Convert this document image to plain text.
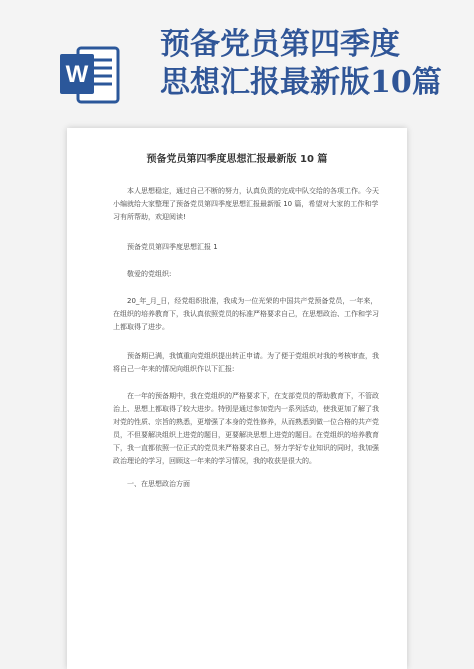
W
预备党员第四季度
思想汇报最新版10篇
预备党员第四季度思想汇报最新版 10 篇
本人思想稳定，通过自己不断的努力，认真负责的完成中队交给的各项工作。今天小编就给大家整理了预备党员第四季度思想汇报最新版 10 篇，希望对大家的工作和学习有所帮助，欢迎阅读!
预备党员第四季度思想汇报 1
敬爱的党组织:
20_年_月_日，经党组织批准，我成为一位光荣的中国共产党预备党员，一年来，在组织的培养教育下，我认真依照党员的标准严格要求自己，在思想政治、工作和学习上都取得了进步。
预备期已满，我慎重向党组织提出转正申请。为了便于党组织对我的考核审查，我将自己一年来的情况向组织作以下汇报:
在一年的预备期中，我在党组织的严格要求下，在支部党员的帮助教育下，不管政治上、思想上都取得了较大进步。特别是通过参加党内一系列活动，使我更加了解了我对党的性质、宗旨的熟悉，更增强了本身的党性修养，从而熟悉到做一位合格的共产党员，不但要解决组织上进党的题目，更要解决思想上进党的题目。在党组织的培养教育下，我一直都依照一位正式的党员来严格要求自己，努力学好专业知识的同时，我加强政治理论的学习，回顾这一年来的学习情况，我的收获是很大的。
一、在思想政治方面
